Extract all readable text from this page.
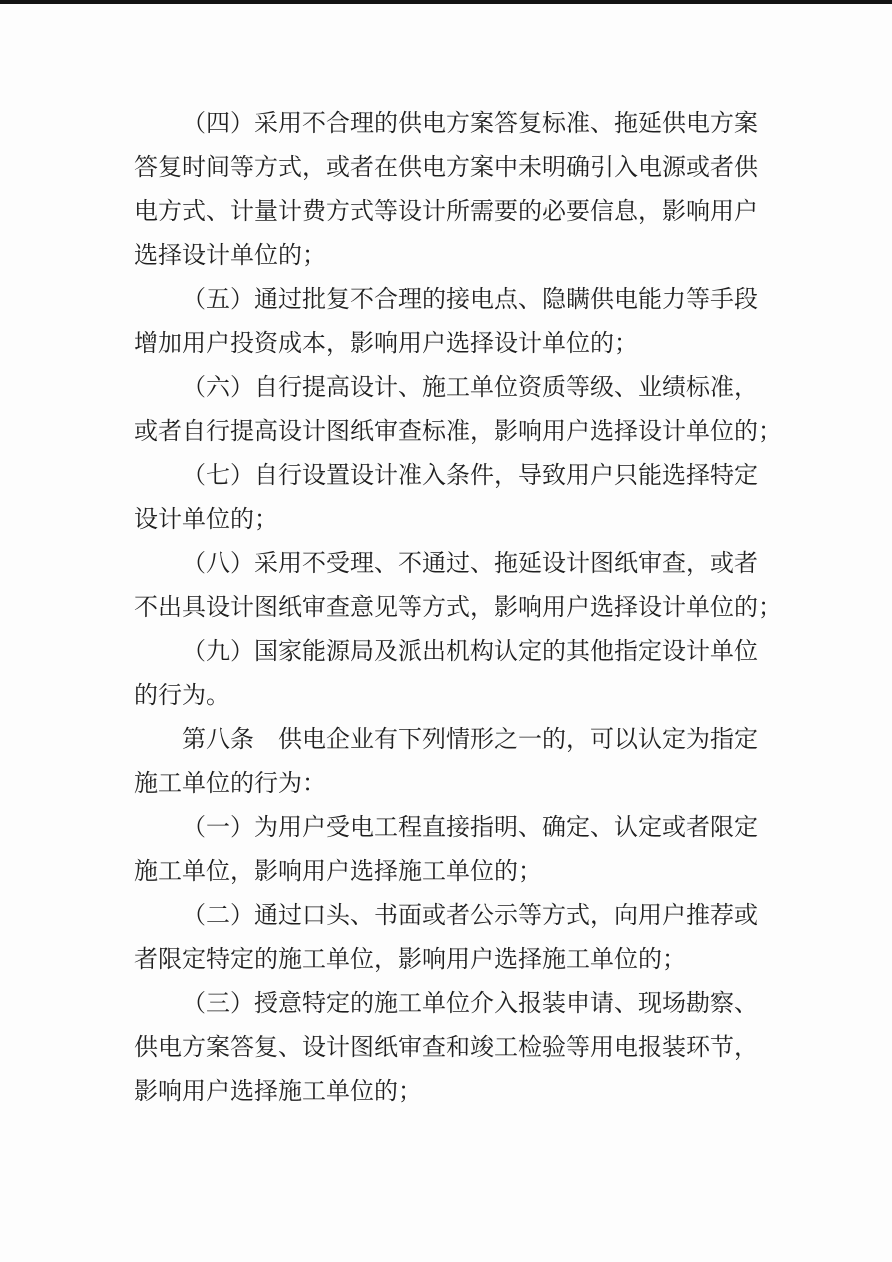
（四）采用不合理的供电方案答复标准、拖延供电方案
答复时间等方式，或者在供电方案中未明确引入电源或者供
电方式、计量计费方式等设计所需要的必要信息，影响用户
选择设计单位的；
（五）通过批复不合理的接电点、隐瞒供电能力等手段
增加用户投资成本，影响用户选择设计单位的；
（六）自行提高设计、施工单位资质等级、业绩标准，
或者自行提高设计图纸审查标准，影响用户选择设计单位的；
（七）自行设置设计准入条件，导致用户只能选择特定
设计单位的；
（八）采用不受理、不通过、拖延设计图纸审查，或者
不出具设计图纸审查意见等方式，影响用户选择设计单位的；
（九）国家能源局及派出机构认定的其他指定设计单位
的行为。
第八条　供电企业有下列情形之一的，可以认定为指定
施工单位的行为：
（一）为用户受电工程直接指明、确定、认定或者限定
施工单位，影响用户选择施工单位的；
（二）通过口头、书面或者公示等方式，向用户推荐或
者限定特定的施工单位，影响用户选择施工单位的；
（三）授意特定的施工单位介入报装申请、现场勘察、
供电方案答复、设计图纸审查和竣工检验等用电报装环节，
影响用户选择施工单位的；
